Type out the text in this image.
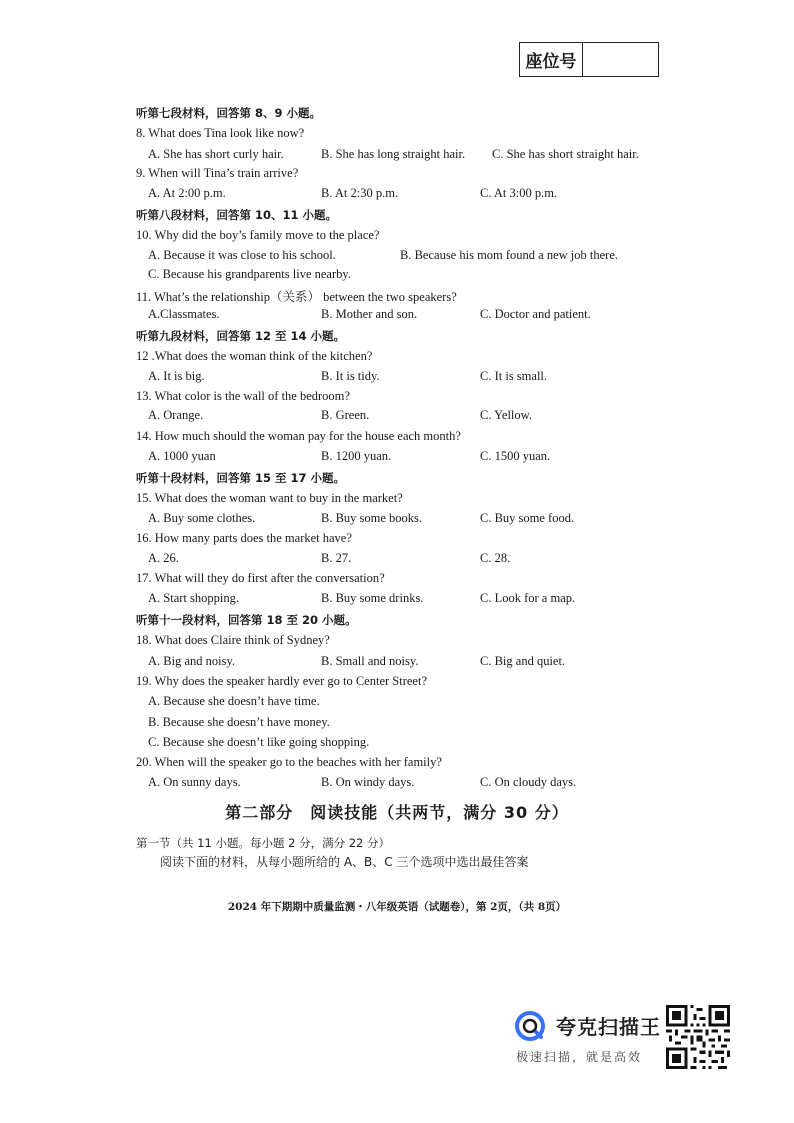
座位号
听第七段材料，回答第 8、9 小题。
8. What does Tina look like now?
A. She has short curly hair.	B. She has long straight hair. C. She has short straight hair.
9. When will Tina’s train arrive?
A. At 2:00 p.m.	B. At 2:30 p.m.	C. At 3:00 p.m.
听第八段材料，回答第 10、11 小题。
10. Why did the boy’s family move to the place?
A. Because it was close to his school.	B. Because his mom found a new job there.
C. Because his grandparents live nearby.
11. What’s the relationship（关系） between the two speakers?
A.Classmates.	B. Mother and son.	C. Doctor and patient.
听第九段材料，回答第 12 至 14 小题。
12 .What does the woman think of the kitchen?
A. It is big.	B. It is tidy.	C. It is small.
13. What color is the wall of the bedroom?
A. Orange.	B. Green.	C. Yellow.
14. How much should the woman pay for the house each month?
A. 1000 yuan	B. 1200 yuan.	C. 1500 yuan.
听第十段材料，回答第 15 至 17 小题。
15. What does the woman want to buy in the market?
A. Buy some clothes.	B. Buy some books.	C. Buy some food.
16. How many parts does the market have?
A. 26.	B. 27.	C. 28.
17. What will they do first after the conversation?
A. Start shopping.	B. Buy some drinks.	C. Look for a map.
听第十一段材料，回答第 18 至 20 小题。
18. What does Claire think of Sydney?
A. Big and noisy.	B. Small and noisy.	C. Big and quiet.
19. Why does the speaker hardly ever go to Center Street?
A. Because she doesn’t have time.
B. Because she doesn’t have money.
C. Because she doesn’t like going shopping.
20. When will the speaker go to the beaches with her family?
A. On sunny days.	B. On windy days.	C. On cloudy days.
第二部分　阅读技能（共两节，满分 30 分）
第一节（共 11 小题。每小题 2 分，满分 22 分）
阅读下面的材料，从每小题所给的 A、B、C 三个选项中选出最佳答案
2024 年下期期中质量监测・八年级英语（试题卷），第 2页，（共 8页）
夸克扫描王
极速扫描，就是高效
